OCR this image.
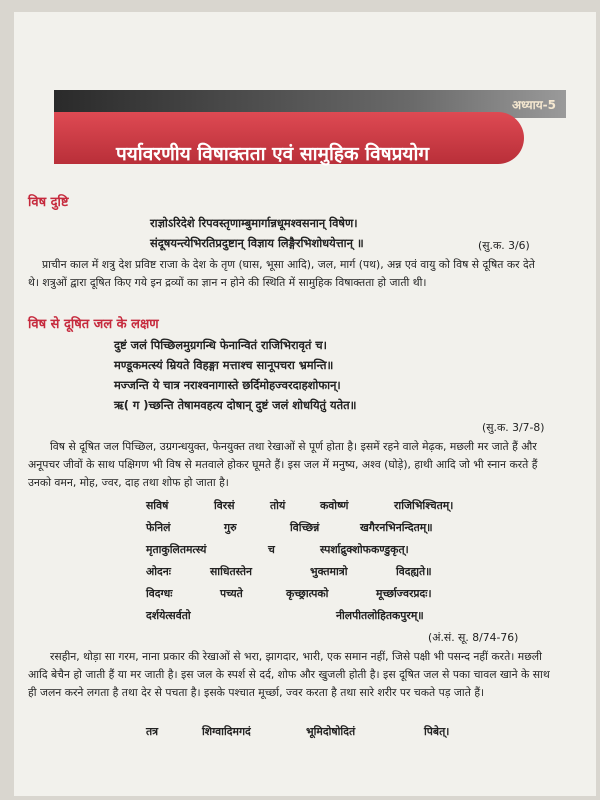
अध्याय-5
पर्यावरणीय विषाक्तता एवं सामुहिक विषप्रयोग
विष दुष्टि
राज्ञोऽरिदेशे रिपवस्तृणाम्बुमार्गान्नधूमश्वसनान् विषेण।
संदूषयन्त्येभिरतिप्रदुष्टान् विज्ञाय लिङ्गैरभिशोधयेत्तान् ॥	(सु.क. 3/6)
प्राचीन काल में शत्रु देश प्रविष्ट राजा के देश के तृण (घास, भूसा आदि), जल, मार्ग (पथ), अन्न एवं वायु को विष से दूषित कर देते थे। शत्रुओं द्वारा दूषित किए गये इन द्रव्यों का ज्ञान न होने की स्थिति में सामुहिक विषाक्तता हो जाती थी।
विष से दूषित जल के लक्षण
दुष्टं जलं पिच्छिलमुग्रगन्धि फेनान्वितं राजिभिरावृतं च।
मण्डूकमत्स्यं म्रियते विहङ्गा मत्ताश्च सानूपचरा भ्रमन्ति॥
मज्जन्ति ये चात्र नराश्वनागास्ते छर्दिमोहज्वरदाहशोफान्।
ऋ( ग )च्छन्ति तेषामवहत्य दोषान् दुष्टं जलं शोधयितुं यतेत॥
(सु.क. 3/7-8)
विष से दूषित जल पिच्छिल, उग्रगन्धयुक्त, फेनयुक्त तथा रेखाओं से पूर्ण होता है। इसमें रहने वाले मेढ़क, मछली मर जाते हैं और अनूपचर जीवों के साथ पक्षिगण भी विष से मतवाले होकर घूमते हैं। इस जल में मनुष्य, अश्व (घोड़े), हाथी आदि जो भी स्नान करते हैं उनको वमन, मोह, ज्वर, दाह तथा शोफ हो जाता है।
सविषं	विरसं	तोयं	कवोष्णं	राजिभिश्चितम्।
फेनिलं	गुरु	विच्छिन्नं	खगैरनभिनन्दितम्॥
मृताकुलितमत्स्यं	च	स्पर्शाद्रुक्शोफकण्डुकृत्।
ओदनः	साधितस्तेन	भुक्तमात्रो	विदह्यते॥
विदग्धः	पच्यते	कृच्छ्रात्पको	मूर्च्छाज्वरप्रदः।
दर्शयेत्सर्वतो	नीलपीतलोहितकपुरम्॥
(अं.सं. सू. 8/74-76)
रसहीन, थोड़ा सा गरम, नाना प्रकार की रेखाओं से भरा, झागदार, भारी, एक समान नहीं, जिसे पक्षी भी पसन्द नहीं करते। मछली आदि बेचैन हो जाती हैं या मर जाती है। इस जल के स्पर्श से दर्द, शोफ और खुजली होती है। इस दूषित जल से पका चावल खाने के साथ ही जलन करने लगता है तथा देर से पचता है। इसके पश्चात मूर्च्छा, ज्वर करता है तथा सारे शरीर पर चकते पड़ जाते हैं।
तत्र	शिग्वादिमगदं	भूमिदोषोदितं	पिबेत्।
